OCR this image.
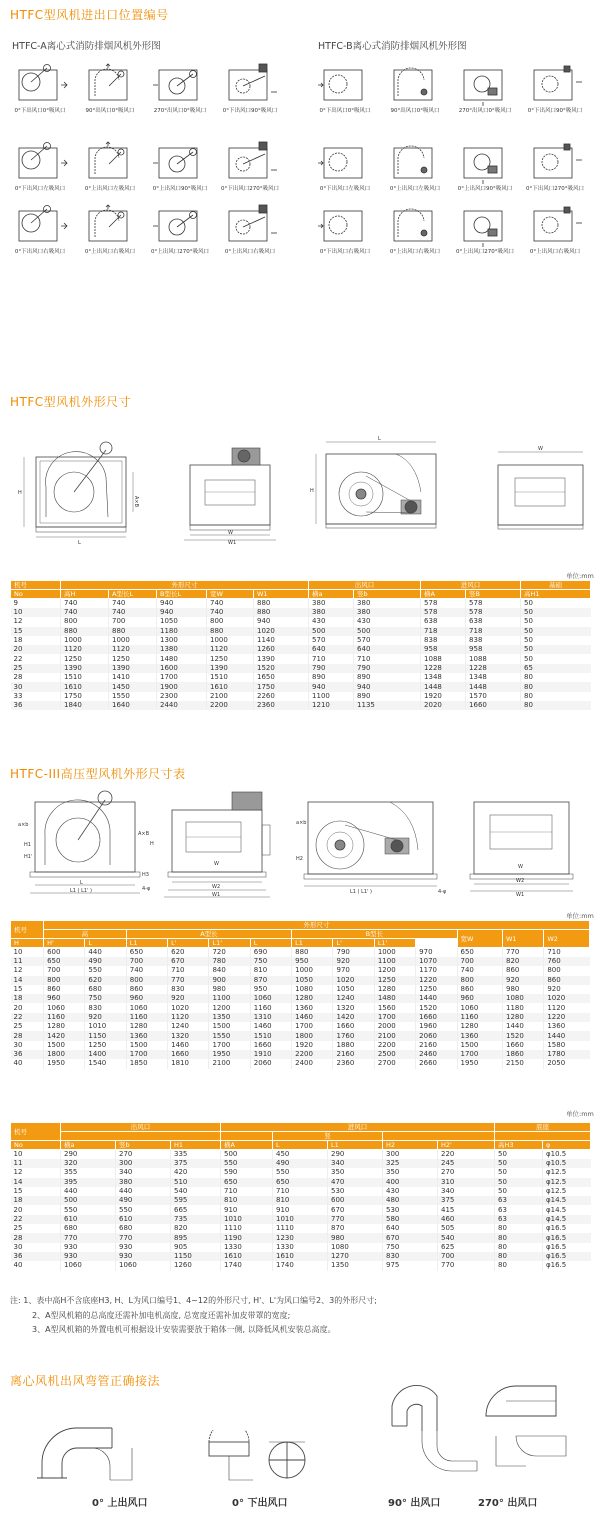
HTFC型风机进出口位置编号
HTFC-A离心式消防排烟风机外形图	HTFC-B离心式消防排烟风机外形图
0°下出风口0°吸风口	90°出风口0°吸风口	270°出风口0°吸风口	0°下出风口90°吸风口
0°下出风口左吸风口	0°上出风口左吸风口	0°上出风口90°吸风口	0°下出风口270°吸风口
0°下出风口右吸风口	0°上出风口右吸风口	0°上出风口270°吸风口	0°上出风口右吸风口
0°下出风口0°吸风口	90°出风口0°吸风口	270°出风口0°吸风口	0°下出风口90°吸风口
0°下出风口左吸风口	0°上出风口左吸风口	0°上出风口90°吸风口	0°下出风口270°吸风口
0°下出风口右吸风口	0°上出风口右吸风口	0°上出风口270°吸风口	0°上出风口右吸风口
HTFC型风机外形尺寸
H
L
A×B
W
W1
L
H
W
单位:mm
机号	外形尺寸					出风口		进风口		基础
No	高H	A型长L	B型长L	宽W	W1	横a	竖b	横A	竖B	高H1
9	740	740	940	740	880	380	380	578	578	50
10	740	740	940	740	880	380	380	578	578	50
12	800	700	1050	800	940	430	430	638	638	50
15	880	880	1180	880	1020	500	500	718	718	50
18	1000	1000	1300	1000	1140	570	570	838	838	50
20	1120	1120	1380	1120	1260	640	640	958	958	50
22	1250	1250	1480	1250	1390	710	710	1088	1088	50
25	1390	1390	1600	1390	1520	790	790	1228	1228	65
28	1510	1410	1700	1510	1650	890	890	1348	1348	80
30	1610	1450	1900	1610	1750	940	940	1448	1448	80
33	1750	1550	2300	2100	2260	1100	890	1920	1570	80
36	1840	1640	2440	2200	2360	1210	1135	2020	1660	80
HTFC-III高压型风机外形尺寸表
a×b
H1
H1'
A×B
H
L
L1 ( L1' )
H3
4-φ
W
W2
W1
a×b
H2
L1 ( L1' )	4-φ
W
W2
W1
单位:mm
机号	外形尺寸												
	高		A型长				B型长				宽W	W1	W2
H	H'	L	L1	L'	L1'	L	L1	L'	L1'				
10	600	440	650	620	720	690	880	790	1000	970	650	770	710
11	650	490	700	670	780	750	950	920	1100	1070	700	820	760
12	700	550	740	710	840	810	1000	970	1200	1170	740	860	800
14	800	620	800	770	900	870	1050	1020	1250	1220	800	920	860
15	860	680	860	830	980	950	1080	1050	1280	1250	860	980	920
18	960	750	960	920	1100	1060	1280	1240	1480	1440	960	1080	1020
20	1060	830	1060	1020	1200	1160	1360	1320	1560	1520	1060	1180	1120
22	1160	920	1160	1120	1350	1310	1460	1420	1700	1660	1160	1280	1220
25	1280	1010	1280	1240	1500	1460	1700	1660	2000	1960	1280	1440	1360
28	1420	1150	1360	1320	1550	1510	1800	1760	2100	2060	1360	1520	1440
30	1500	1250	1500	1460	1700	1660	1920	1880	2200	2160	1500	1660	1580
36	1800	1400	1700	1660	1950	1910	2200	2160	2500	2460	1700	1860	1780
40	1950	1540	1850	1810	2100	2060	2400	2360	2700	2660	1950	2150	2050
单位:mm
机号	出风口			进风口					底座	
					竖					
No	横a	竖b	H1	横A	L	L1	H2	H2'	高H3	φ
10	290	270	335	500	450	290	300	220	50	φ10.5
11	320	300	375	550	490	340	325	245	50	φ10.5
12	355	340	420	590	550	350	350	270	50	φ12.5
14	395	380	510	650	650	470	400	310	50	φ12.5
15	440	440	540	710	710	530	430	340	50	φ12.5
18	500	490	595	810	810	600	480	375	63	φ14.5
20	550	550	665	910	910	670	530	415	63	φ14.5
22	610	610	735	1010	1010	770	580	460	63	φ14.5
25	680	680	820	1110	1110	870	640	505	80	φ16.5
28	770	770	895	1190	1230	980	670	540	80	φ16.5
30	930	930	905	1330	1330	1080	750	625	80	φ16.5
36	930	930	1150	1610	1610	1270	830	700	80	φ16.5
40	1060	1060	1260	1740	1740	1350	975	770	80	φ16.5
注: 1、表中高H不含底座H3, H、L为风口编号1、4~12的外形尺寸, H'、L'为风口编号2、3的外形尺寸;
2、A型风机箱的总高度还需补加电机高度, 总宽度还需补加皮带罩的宽度;
3、A型风机箱的外置电机可根据设计安装需要放于箱体一侧, 以降低风机安装总高度。
离心风机出风弯管正确接法
0° 上出风口	0° 下出风口	90° 出风口	270° 出风口
